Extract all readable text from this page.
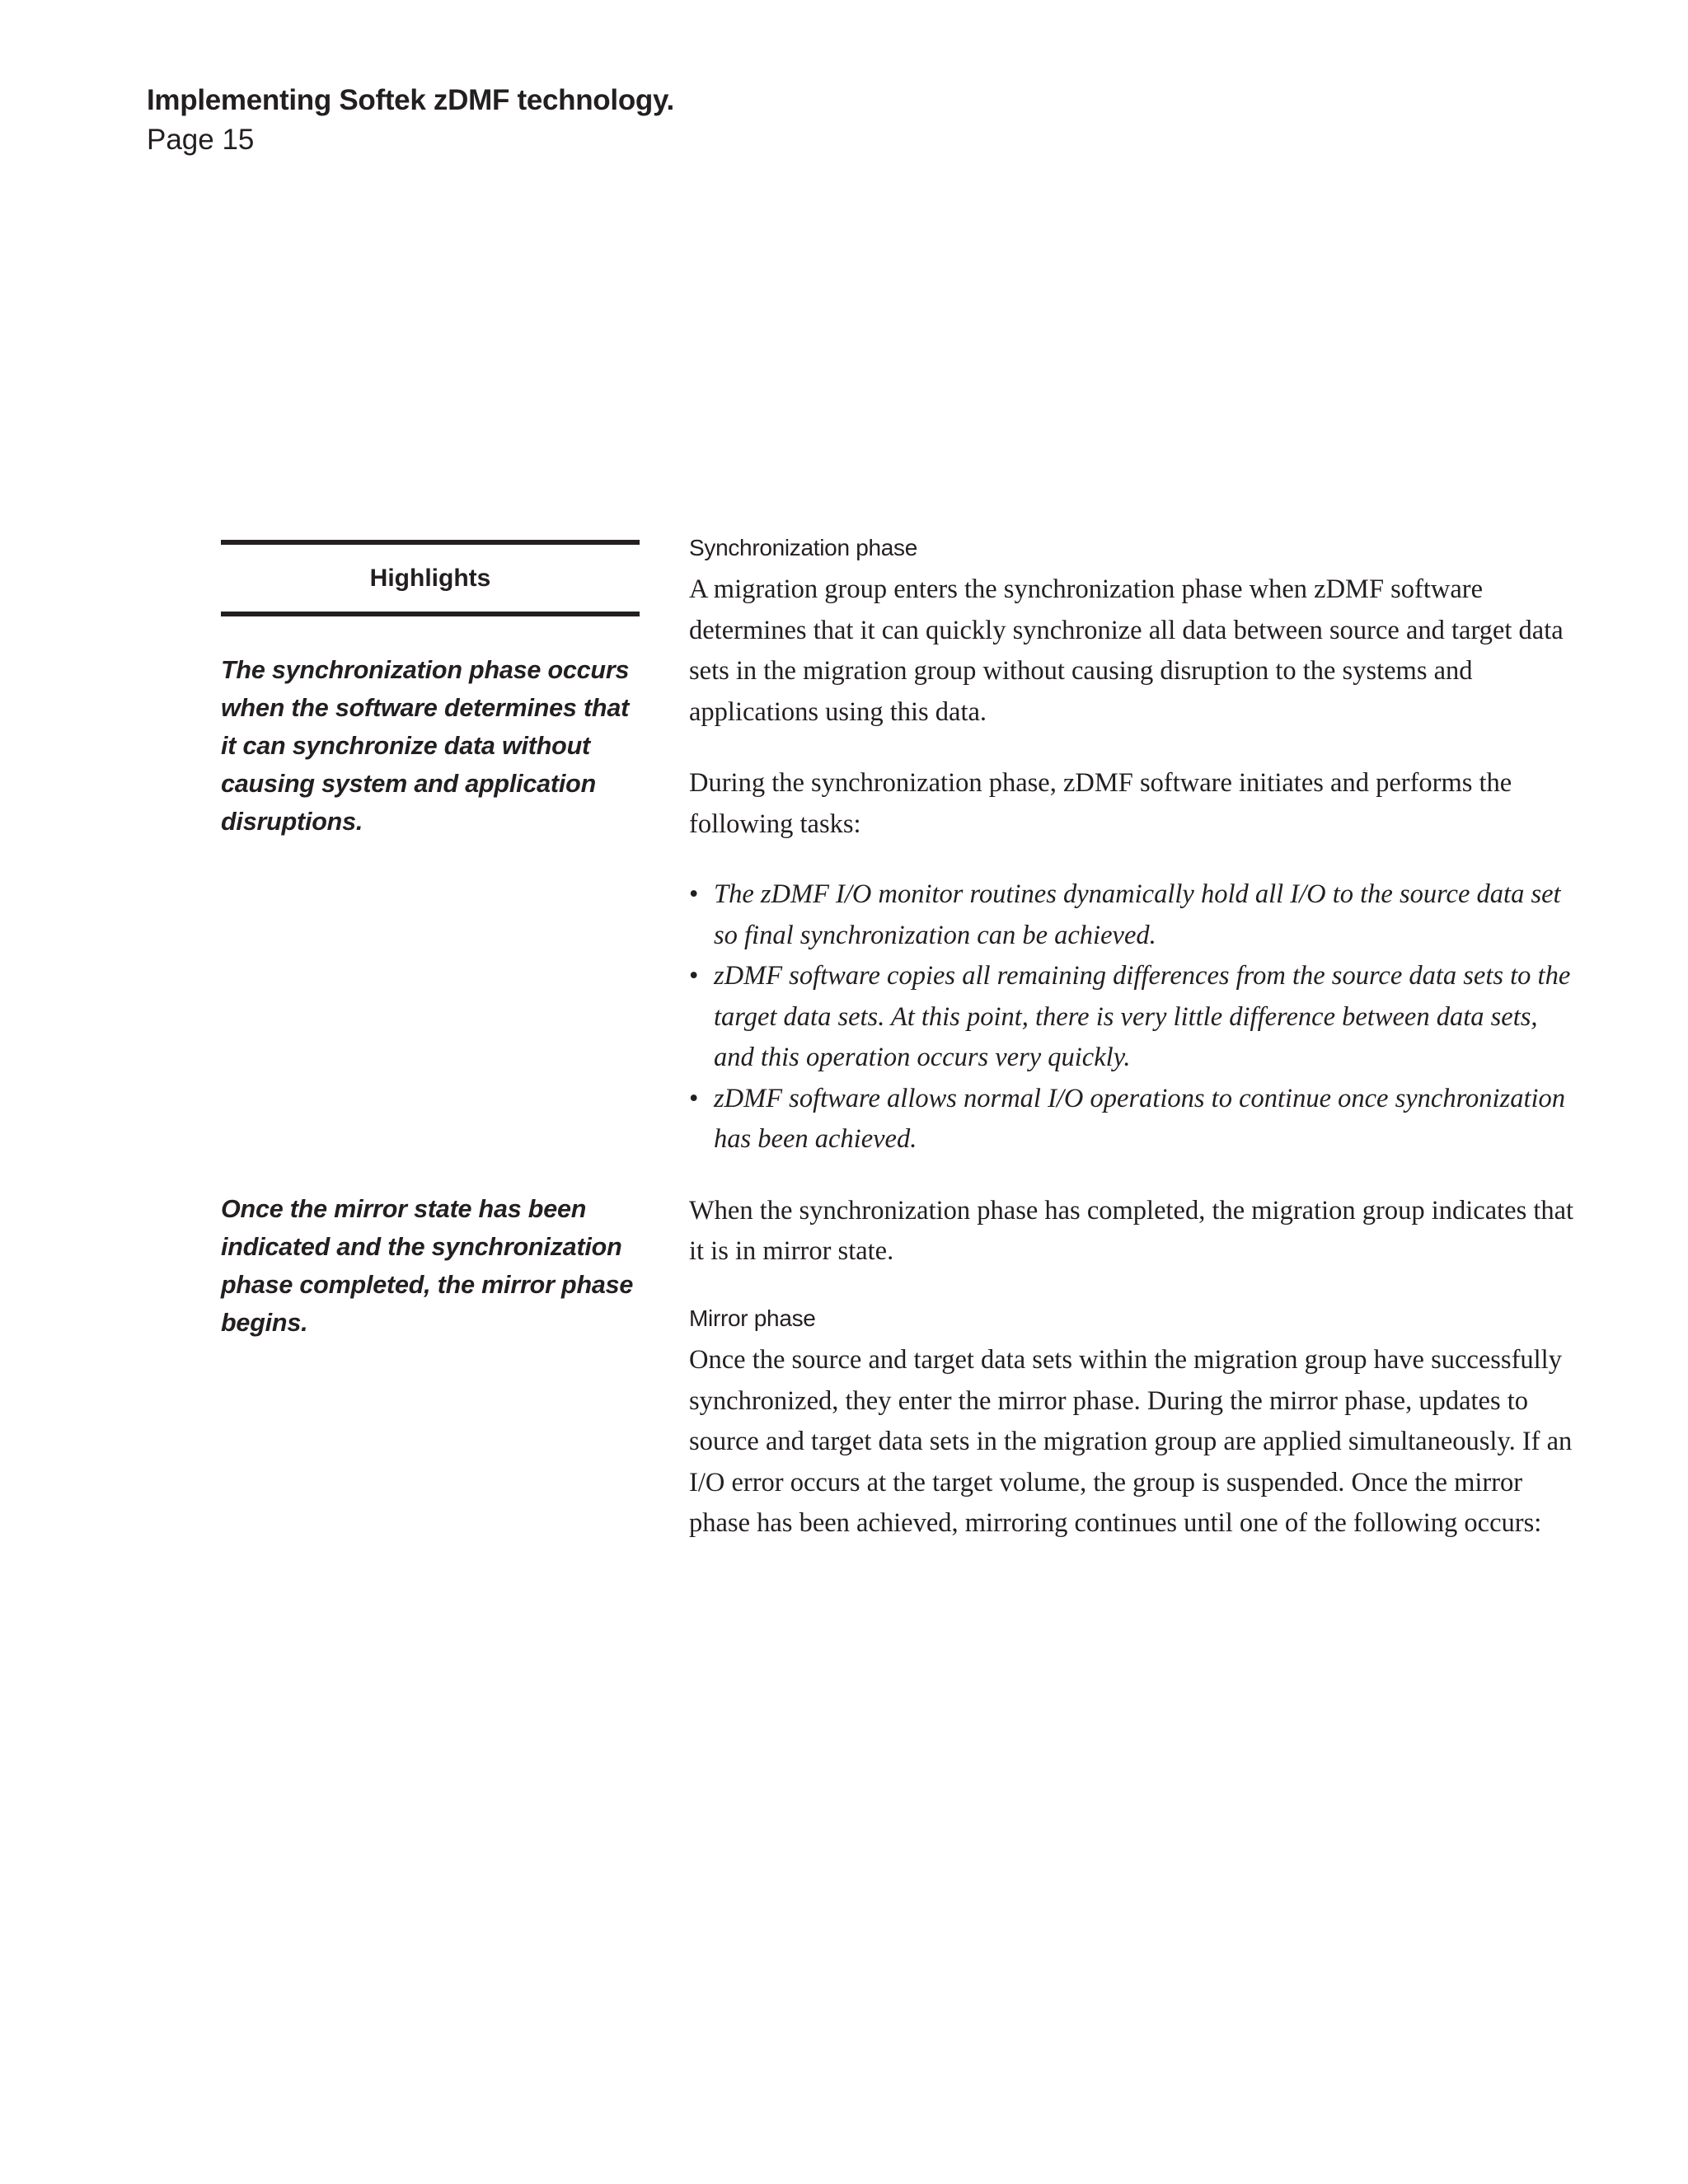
Implementing Softek zDMF technology.
Page 15
Highlights
The synchronization phase occurs when the software determines that it can synchronize data without causing system and application disruptions.
Once the mirror state has been indicated and the synchronization phase completed, the mirror phase begins.
Synchronization phase

A migration group enters the synchronization phase when zDMF software determines that it can quickly synchronize all data between source and target data sets in the migration group without causing disruption to the systems and applications using this data.

During the synchronization phase, zDMF software initiates and performs the following tasks:

• The zDMF I/O monitor routines dynamically hold all I/O to the source data set so final synchronization can be achieved.
• zDMF software copies all remaining differences from the source data sets to the target data sets. At this point, there is very little difference between data sets, and this operation occurs very quickly.
• zDMF software allows normal I/O operations to continue once synchronization has been achieved.

When the synchronization phase has completed, the migration group indicates that it is in mirror state.

Mirror phase

Once the source and target data sets within the migration group have successfully synchronized, they enter the mirror phase. During the mirror phase, updates to source and target data sets in the migration group are applied simultaneously. If an I/O error occurs at the target volume, the group is suspended. Once the mirror phase has been achieved, mirroring continues until one of the following occurs:
